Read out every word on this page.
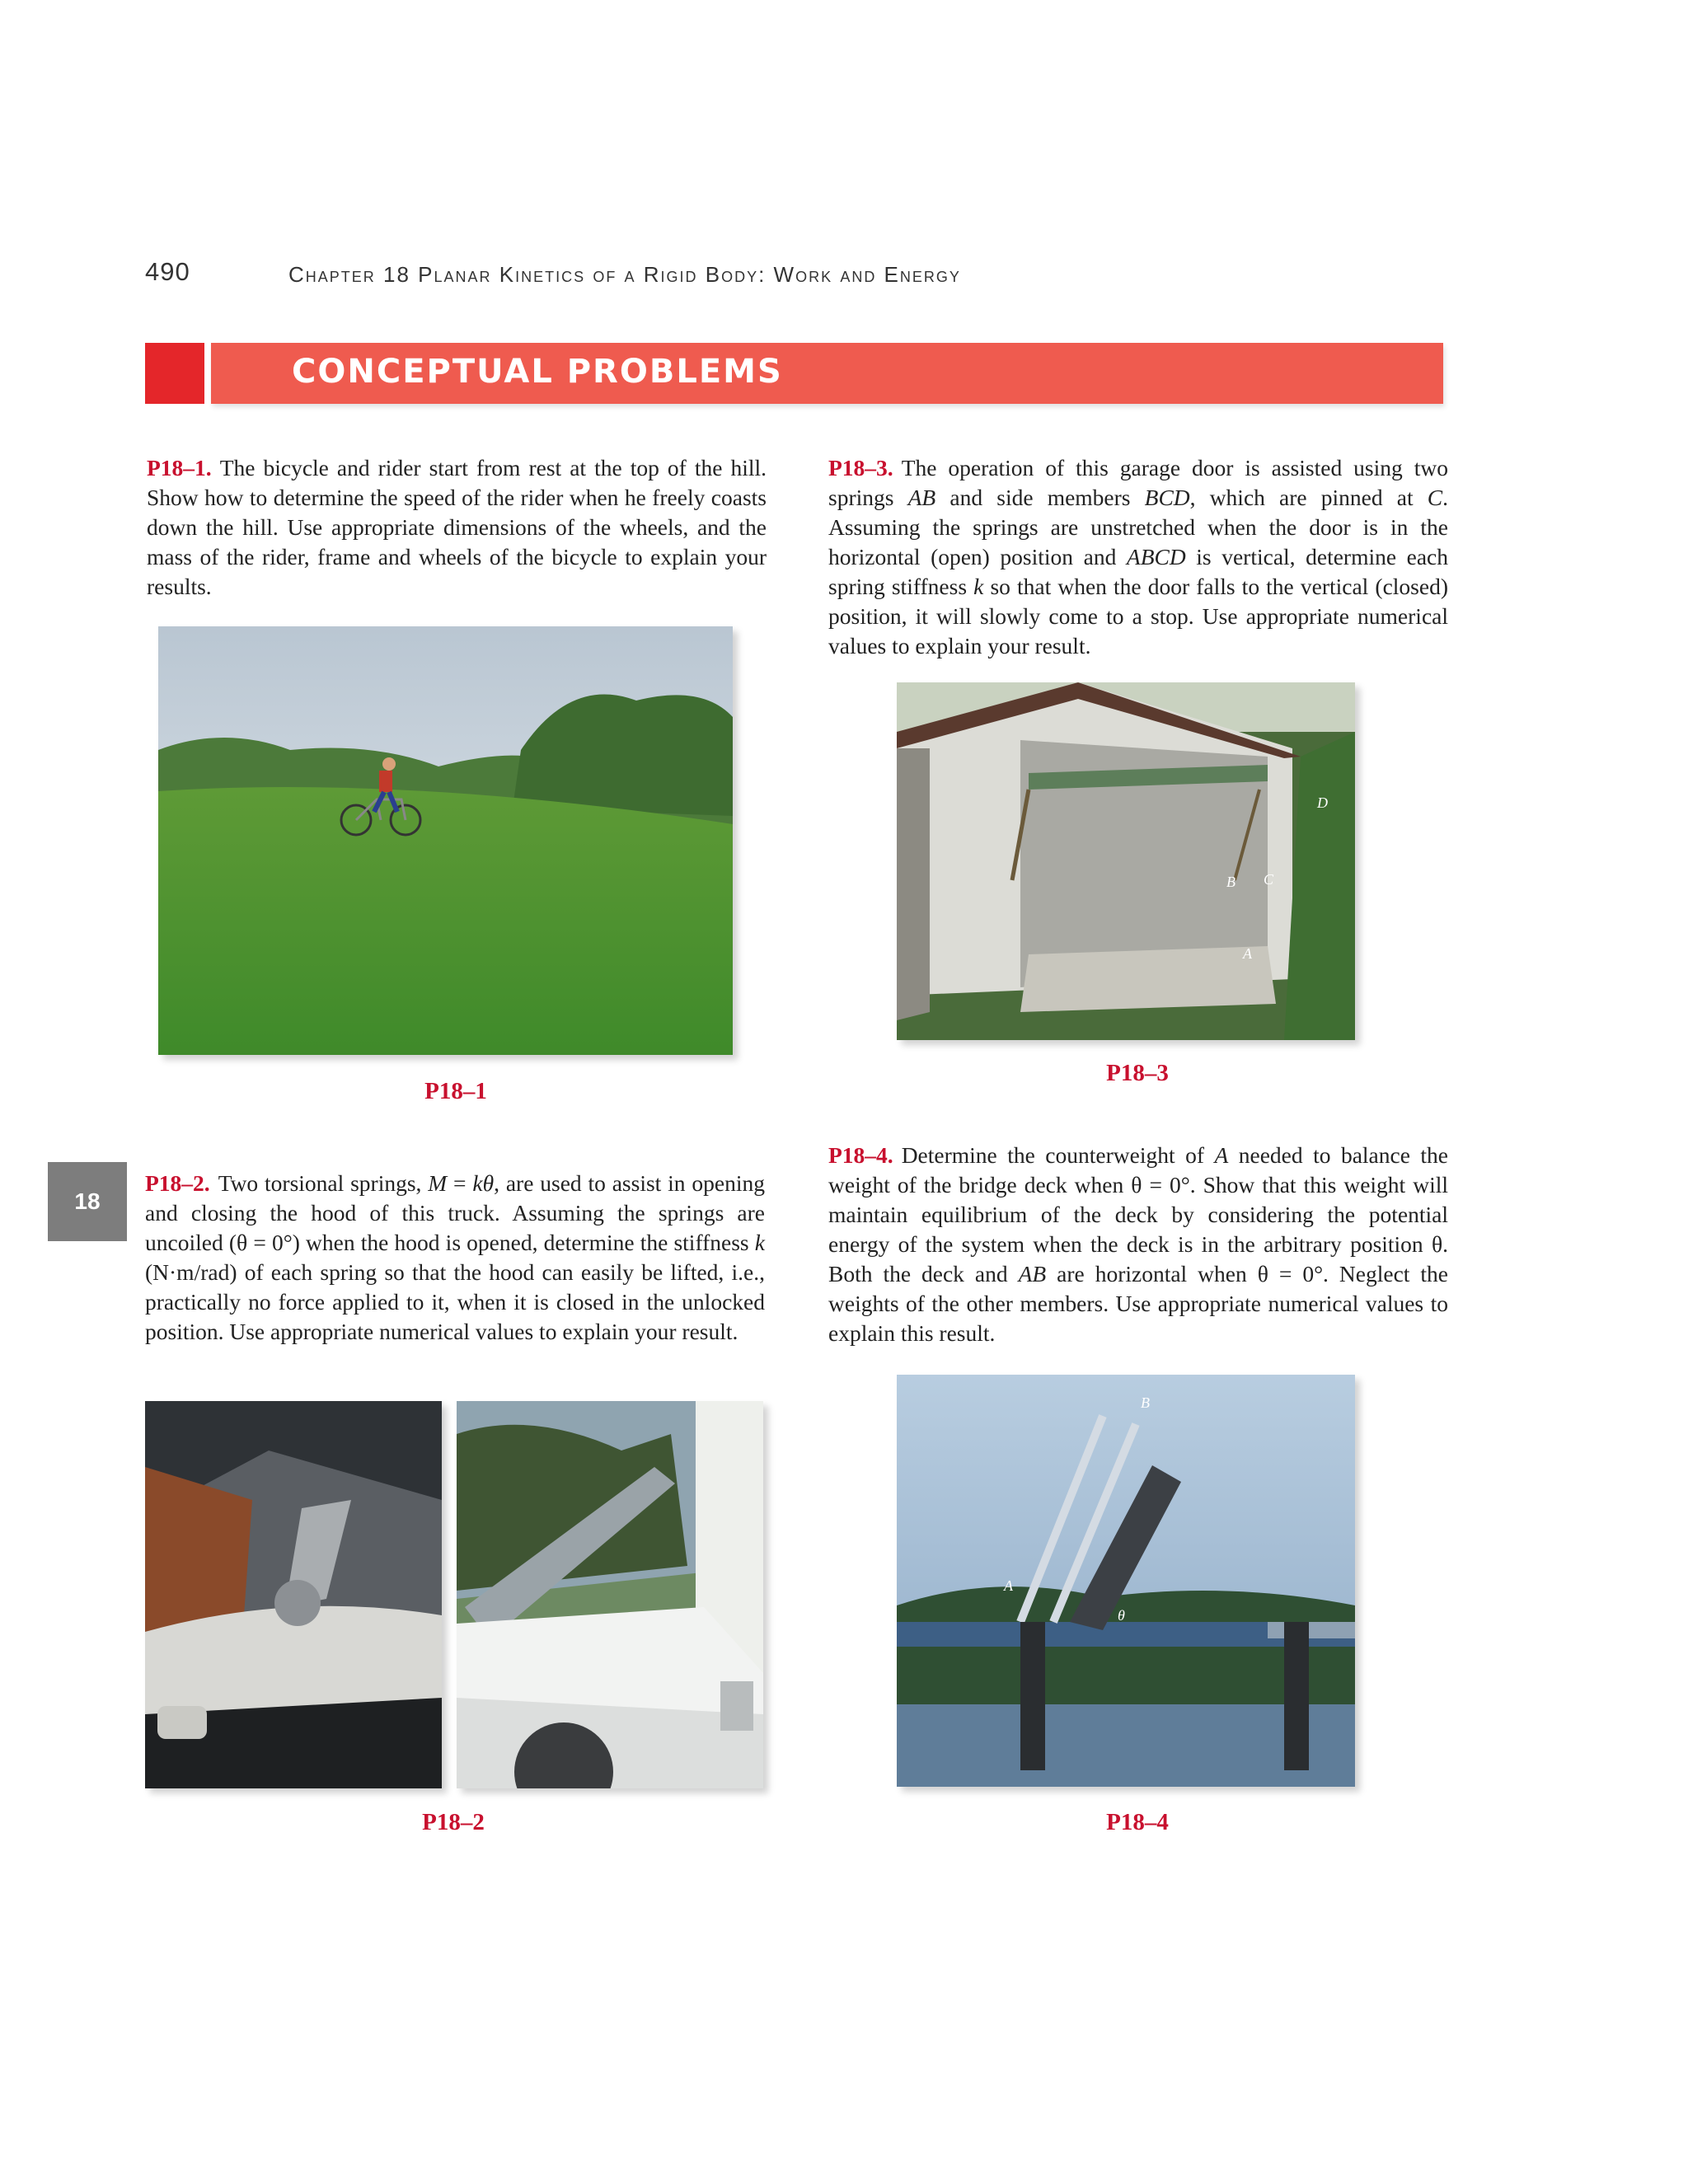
490	Chapter 18 Planar Kinetics of a Rigid Body: Work and Energy
CONCEPTUAL PROBLEMS
18
P18–1. The bicycle and rider start from rest at the top of the hill. Show how to determine the speed of the rider when he freely coasts down the hill. Use appropriate dimensions of the wheels, and the mass of the rider, frame and wheels of the bicycle to explain your results.
P18–1
P18–2. Two torsional springs, M = kθ, are used to assist in opening and closing the hood of this truck. Assuming the springs are uncoiled (θ = 0°) when the hood is opened, determine the stiffness k (N·m/rad) of each spring so that the hood can easily be lifted, i.e., practically no force applied to it, when it is closed in the unlocked position. Use appropriate numerical values to explain your result.
P18–2
P18–3. The operation of this garage door is assisted using two springs AB and side members BCD, which are pinned at C. Assuming the springs are unstretched when the door is in the horizontal (open) position and ABCD is vertical, determine each spring stiffness k so that when the door falls to the vertical (closed) position, it will slowly come to a stop. Use appropriate numerical values to explain your result.
D
C
B
A
P18–3
P18–4. Determine the counterweight of A needed to balance the weight of the bridge deck when θ = 0°. Show that this weight will maintain equilibrium of the deck by considering the potential energy of the system when the deck is in the arbitrary position θ. Both the deck and AB are horizontal when θ = 0°. Neglect the weights of the other members. Use appropriate numerical values to explain this result.
B
A
θ
P18–4
